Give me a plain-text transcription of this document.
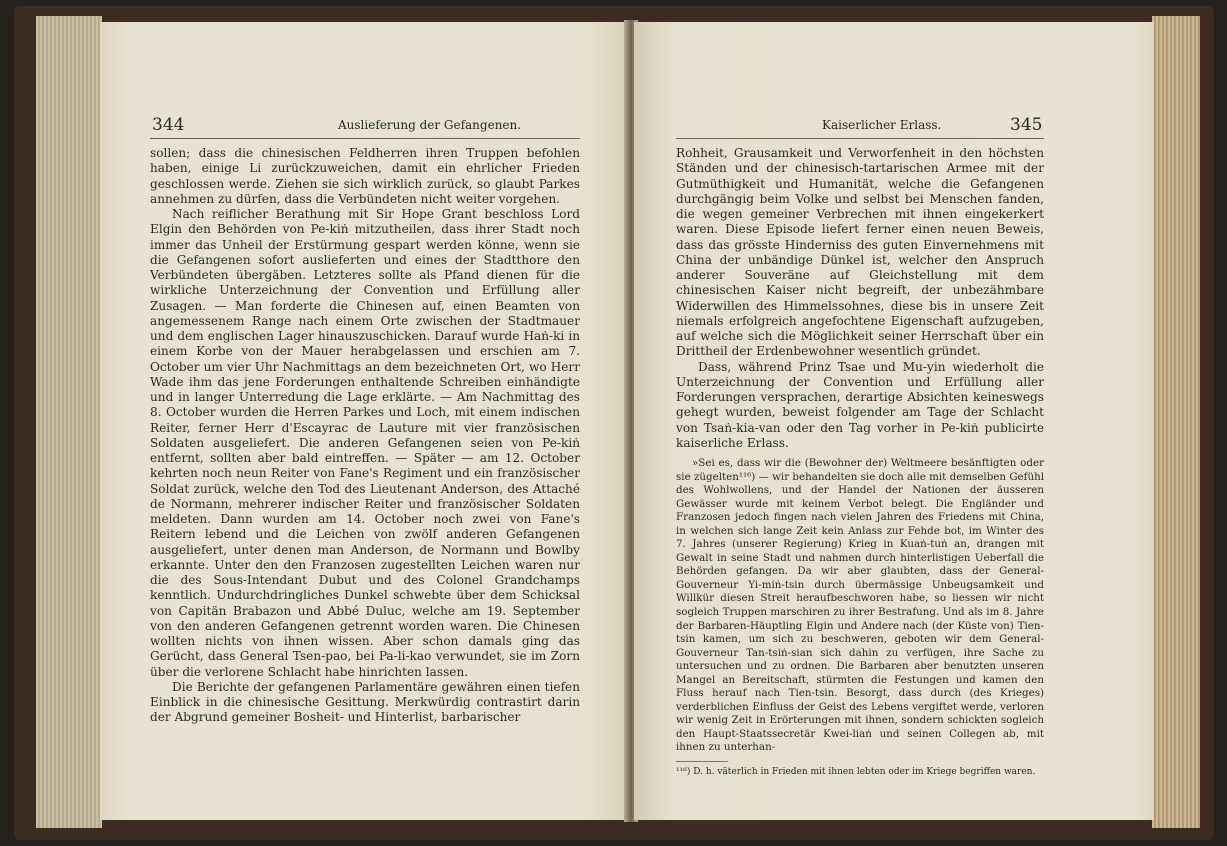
344	Auslieferung der Gefangenen.

sollen; dass die chinesischen Feldherren ihren Truppen befohlen haben, einige Li zurückzuweichen, damit ein ehrlicher Frieden geschlossen werde. Ziehen sie sich wirklich zurück, so glaubt Parkes annehmen zu dürfen, dass die Verbündeten nicht weiter vorgehen.

Nach reiflicher Berathung mit Sir Hope Grant beschloss Lord Elgin den Behörden von Pe-kiṅ mitzutheilen, dass ihrer Stadt noch immer das Unheil der Erstürmung gespart werden könne, wenn sie die Gefangenen sofort auslieferten und eines der Stadtthore den Verbündeten übergäben. Letzteres sollte als Pfand dienen für die wirkliche Unterzeichnung der Convention und Erfüllung aller Zusagen. — Man forderte die Chinesen auf, einen Beamten von angemessenem Range nach einem Orte zwischen der Stadtmauer und dem englischen Lager hinauszuschicken. Darauf wurde Haṅ-ki in einem Korbe von der Mauer herabgelassen und erschien am 7. October um vier Uhr Nachmittags an dem bezeichneten Ort, wo Herr Wade ihm das jene Forderungen enthaltende Schreiben einhändigte und in langer Unterredung die Lage erklärte. — Am Nachmittag des 8. October wurden die Herren Parkes und Loch, mit einem indischen Reiter, ferner Herr d'Escayrac de Lauture mit vier französischen Soldaten ausgeliefert. Die anderen Gefangenen seien von Pe-kiṅ entfernt, sollten aber bald eintreffen. — Später — am 12. October kehrten noch neun Reiter von Fane's Regiment und ein französischer Soldat zurück, welche den Tod des Lieutenant Anderson, des Attaché de Normann, mehrerer indischer Reiter und französischer Soldaten meldeten. Dann wurden am 14. October noch zwei von Fane's Reitern lebend und die Leichen von zwölf anderen Gefangenen ausgeliefert, unter denen man Anderson, de Normann und Bowlby erkannte. Unter den den Franzosen zugestellten Leichen waren nur die des Sous-Intendant Dubut und des Colonel Grandchamps kenntlich. Undurchdringliches Dunkel schwebte über dem Schicksal von Capitän Brabazon und Abbé Duluc, welche am 19. September von den anderen Gefangenen getrennt worden waren. Die Chinesen wollten nichts von ihnen wissen. Aber schon damals ging das Gerücht, dass General Tsen-pao, bei Pa-li-kao verwundet, sie im Zorn über die verlorene Schlacht habe hinrichten lassen.

Die Berichte der gefangenen Parlamentäre gewähren einen tiefen Einblick in die chinesische Gesittung. Merkwürdig contrastirt darin der Abgrund gemeiner Bosheit- und Hinterlist, barbarischer

Kaiserlicher Erlass.	345

Rohheit, Grausamkeit und Verworfenheit in den höchsten Ständen und der chinesisch-tartarischen Armee mit der Gutmüthigkeit und Humanität, welche die Gefangenen durchgängig beim Volke und selbst bei Menschen fanden, die wegen gemeiner Verbrechen mit ihnen eingekerkert waren. Diese Episode liefert ferner einen neuen Beweis, dass das grösste Hinderniss des guten Einvernehmens mit China der unbändige Dünkel ist, welcher den Anspruch anderer Souveräne auf Gleichstellung mit dem chinesischen Kaiser nicht begreift, der unbezähmbare Widerwillen des Himmelssohnes, diese bis in unsere Zeit niemals erfolgreich angefochtene Eigenschaft aufzugeben, auf welche sich die Möglichkeit seiner Herrschaft über ein Drittheil der Erdenbewohner wesentlich gründet.

Dass, während Prinz Tsae und Mu-yin wiederholt die Unterzeichnung der Convention und Erfüllung aller Forderungen versprachen, derartige Absichten keineswegs gehegt wurden, beweist folgender am Tage der Schlacht von Tsaṅ-kia-van oder den Tag vorher in Pe-kiṅ publicirte kaiserliche Erlass.

»Sei es, dass wir die (Bewohner der) Weltmeere besänftigten oder sie zügelten¹¹⁶) — wir behandelten sie doch alle mit demselben Gefühl des Wohlwollens, und der Handel der Nationen der äusseren Gewässer wurde mit keinem Verbot belegt. Die Engländer und Franzosen jedoch fingen nach vielen Jahren des Friedens mit China, in welchen sich lange Zeit kein Anlass zur Fehde bot, im Winter des 7. Jahres (unserer Regierung) Krieg in Kuaṅ-tuṅ an, drangen mit Gewalt in seine Stadt und nahmen durch hinterlistigen Ueberfall die Behörden gefangen. Da wir aber glaubten, dass der General-Gouverneur Yi-miṅ-tsin durch übermässige Unbeugsamkeit und Willkür diesen Streit heraufbeschworen habe, so liessen wir nicht sogleich Truppen marschiren zu ihrer Bestrafung. Und als im 8. Jahre der Barbaren-Häuptling Elgin und Andere nach (der Küste von) Tien-tsin kamen, um sich zu beschweren, geboten wir dem General-Gouverneur Tan-tsiṅ-sian sich dahin zu verfügen, ihre Sache zu untersuchen und zu ordnen. Die Barbaren aber benutzten unseren Mangel an Bereitschaft, stürmten die Festungen und kamen den Fluss herauf nach Tien-tsin. Besorgt, dass durch (des Krieges) verderblichen Einfluss der Geist des Lebens vergiftet werde, verloren wir wenig Zeit in Erörterungen mit ihnen, sondern schickten sogleich den Haupt-Staatssecretär Kwei-liaṅ und seinen Collegen ab, mit ihnen zu unterhan-

¹¹⁶) D. h. väterlich in Frieden mit ihnen lebten oder im Kriege begriffen waren.
